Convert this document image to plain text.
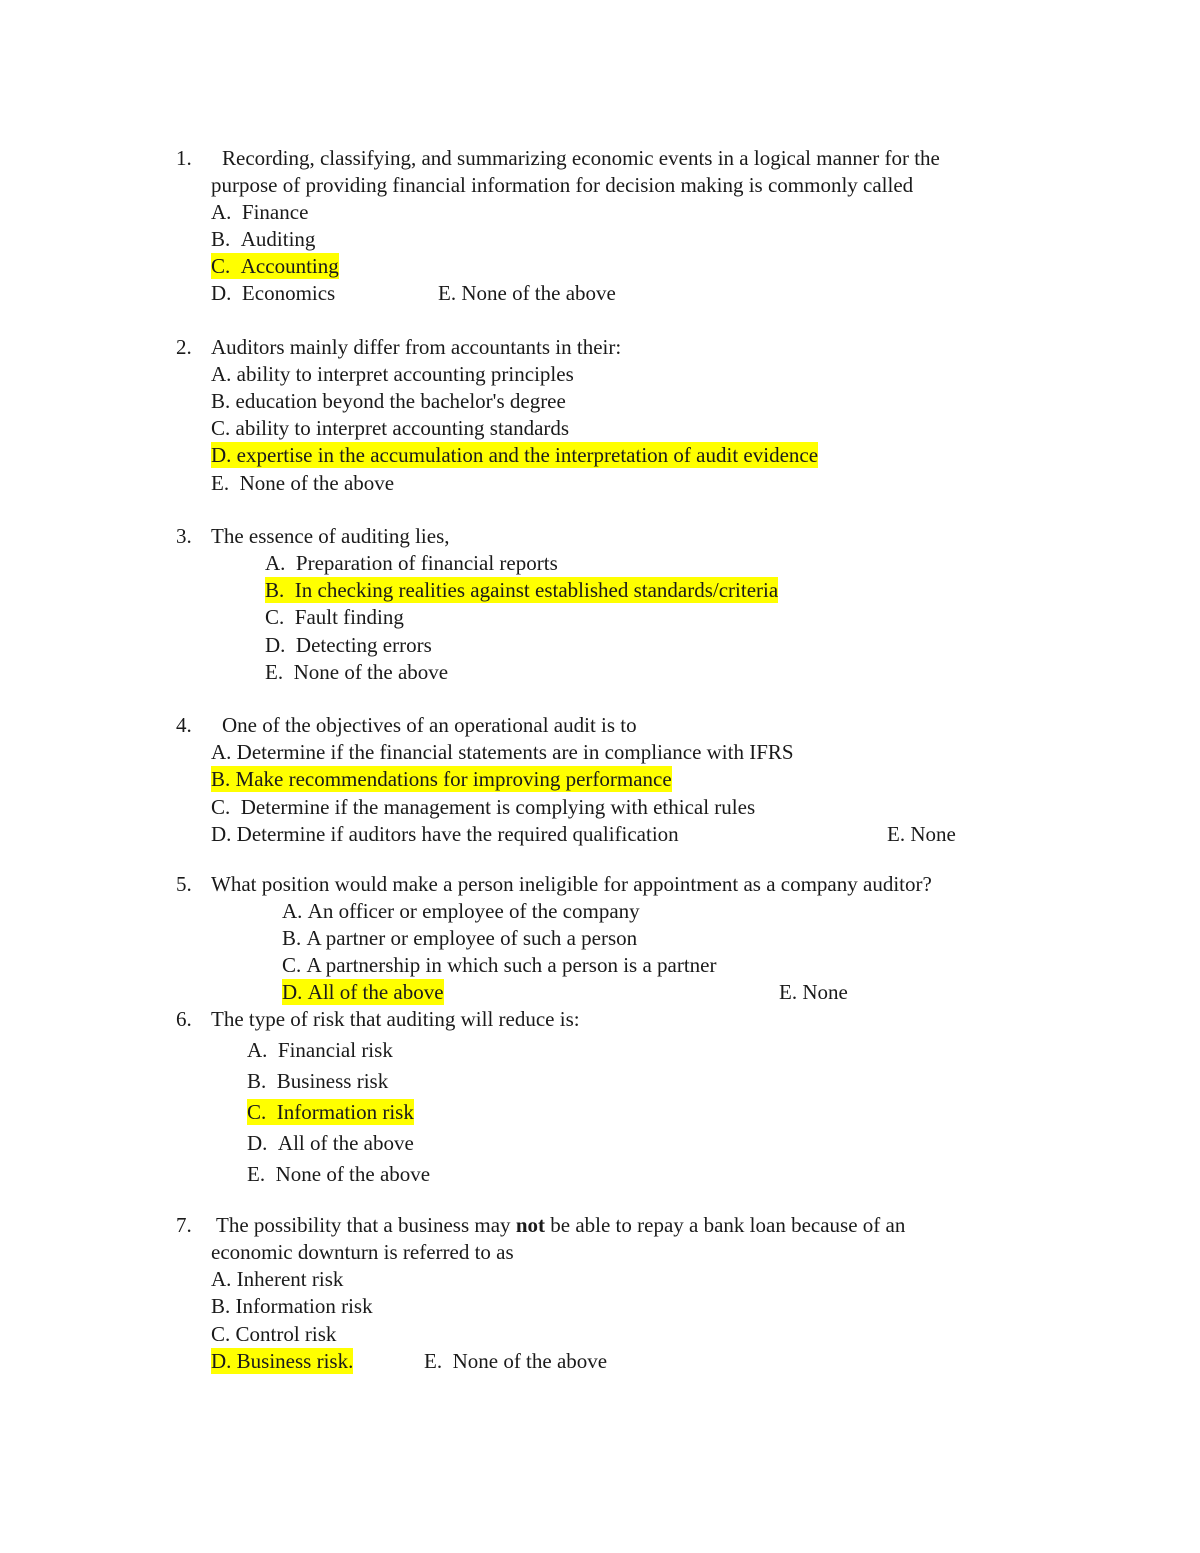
1. Recording, classifying, and summarizing economic events in a logical manner for the
purpose of providing financial information for decision making is commonly called
A. Finance
B. Auditing
C. Accounting
D. Economics	E. None of the above
2. Auditors mainly differ from accountants in their:
A. ability to interpret accounting principles
B. education beyond the bachelor's degree
C. ability to interpret accounting standards
D. expertise in the accumulation and the interpretation of audit evidence
E. None of the above
3. The essence of auditing lies,
A. Preparation of financial reports
B. In checking realities against established standards/criteria
C. Fault finding
D. Detecting errors
E. None of the above
4. One of the objectives of an operational audit is to
A. Determine if the financial statements are in compliance with IFRS
B. Make recommendations for improving performance
C. Determine if the management is complying with ethical rules
D. Determine if auditors have the required qualification	E. None
5. What position would make a person ineligible for appointment as a company auditor?
A. An officer or employee of the company
B. A partner or employee of such a person
C. A partnership in which such a person is a partner
D. All of the above	E. None
6. The type of risk that auditing will reduce is:
A. Financial risk
B. Business risk
C. Information risk
D. All of the above
E. None of the above
7. The possibility that a business may not be able to repay a bank loan because of an
economic downturn is referred to as
A. Inherent risk
B. Information risk
C. Control risk
D. Business risk.	E. None of the above
